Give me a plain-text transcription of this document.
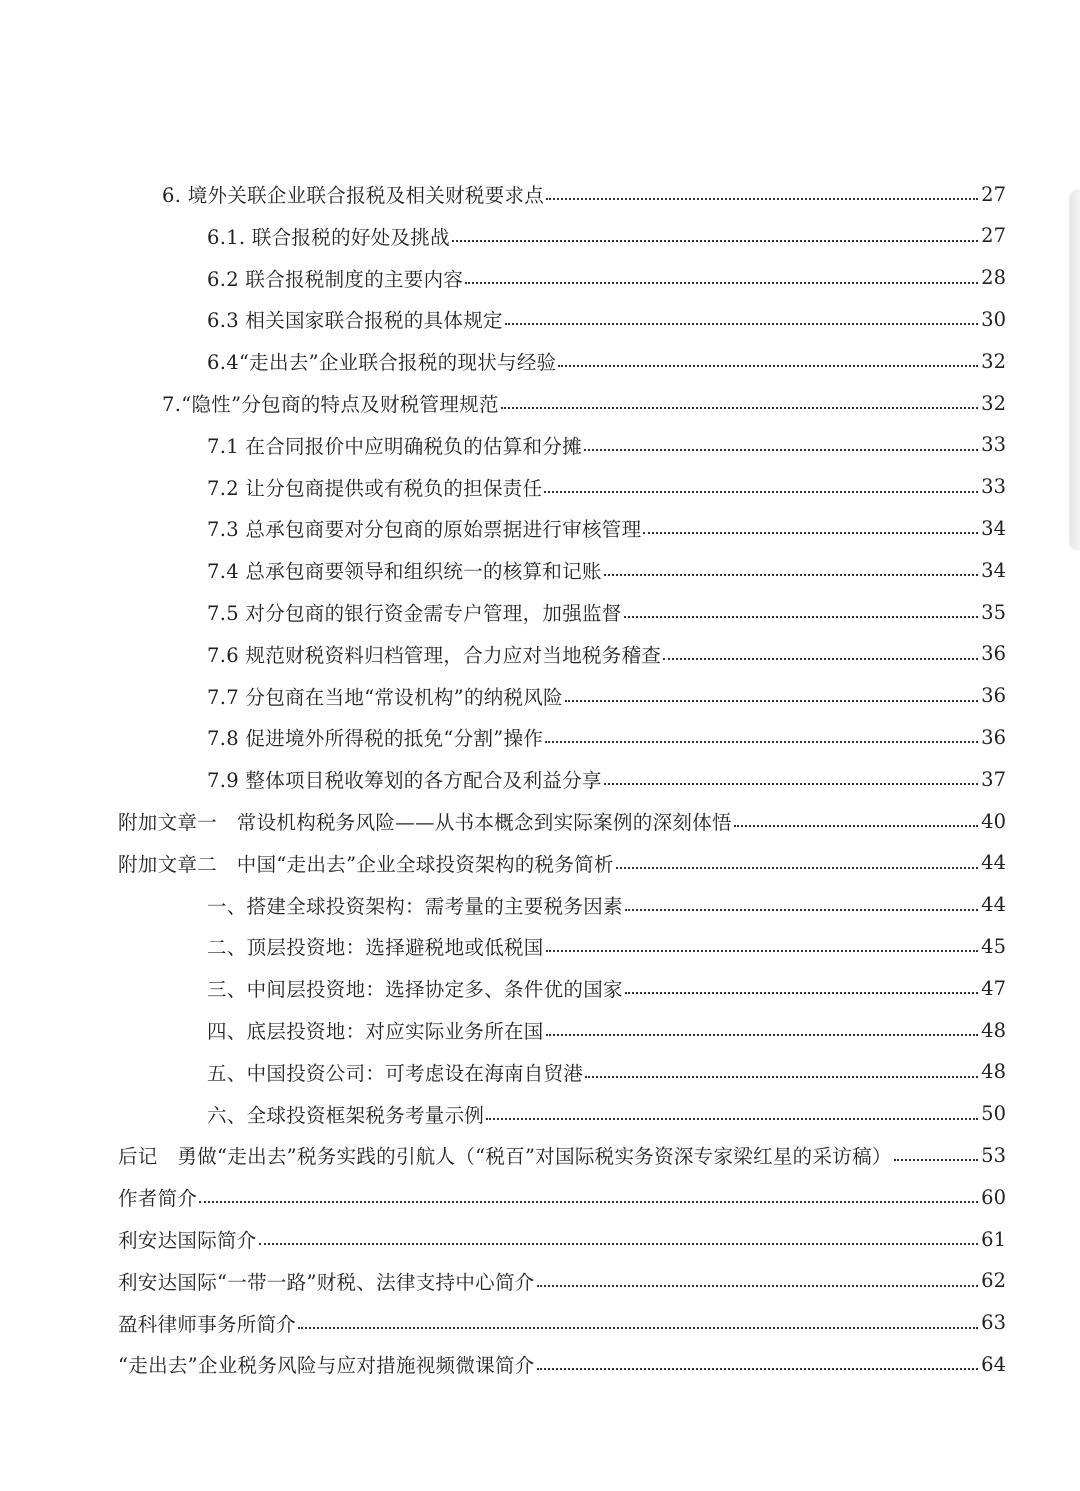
6. 境外关联企业联合报税及相关财税要求点	27
6.1. 联合报税的好处及挑战	27
6.2 联合报税制度的主要内容	28
6.3 相关国家联合报税的具体规定	30
6.4“走出去”企业联合报税的现状与经验	32
7.“隐性”分包商的特点及财税管理规范	32
7.1 在合同报价中应明确税负的估算和分摊	33
7.2 让分包商提供或有税负的担保责任	33
7.3 总承包商要对分包商的原始票据进行审核管理	34
7.4 总承包商要领导和组织统一的核算和记账	34
7.5 对分包商的银行资金需专户管理，加强监督	35
7.6 规范财税资料归档管理，合力应对当地税务稽查	36
7.7 分包商在当地“常设机构”的纳税风险	36
7.8 促进境外所得税的抵免“分割”操作	36
7.9 整体项目税收筹划的各方配合及利益分享	37
附加文章一　常设机构税务风险——从书本概念到实际案例的深刻体悟	40
附加文章二　中国“走出去”企业全球投资架构的税务简析	44
一、搭建全球投资架构：需考量的主要税务因素	44
二、顶层投资地：选择避税地或低税国	45
三、中间层投资地：选择协定多、条件优的国家	47
四、底层投资地：对应实际业务所在国	48
五、中国投资公司：可考虑设在海南自贸港	48
六、全球投资框架税务考量示例	50
后记　勇做“走出去”税务实践的引航人（“税百”对国际税实务资深专家梁红星的采访稿）	53
作者简介	60
利安达国际简介	61
利安达国际“一带一路”财税、法律支持中心简介	62
盈科律师事务所简介	63
“走出去”企业税务风险与应对措施视频微课简介	64
